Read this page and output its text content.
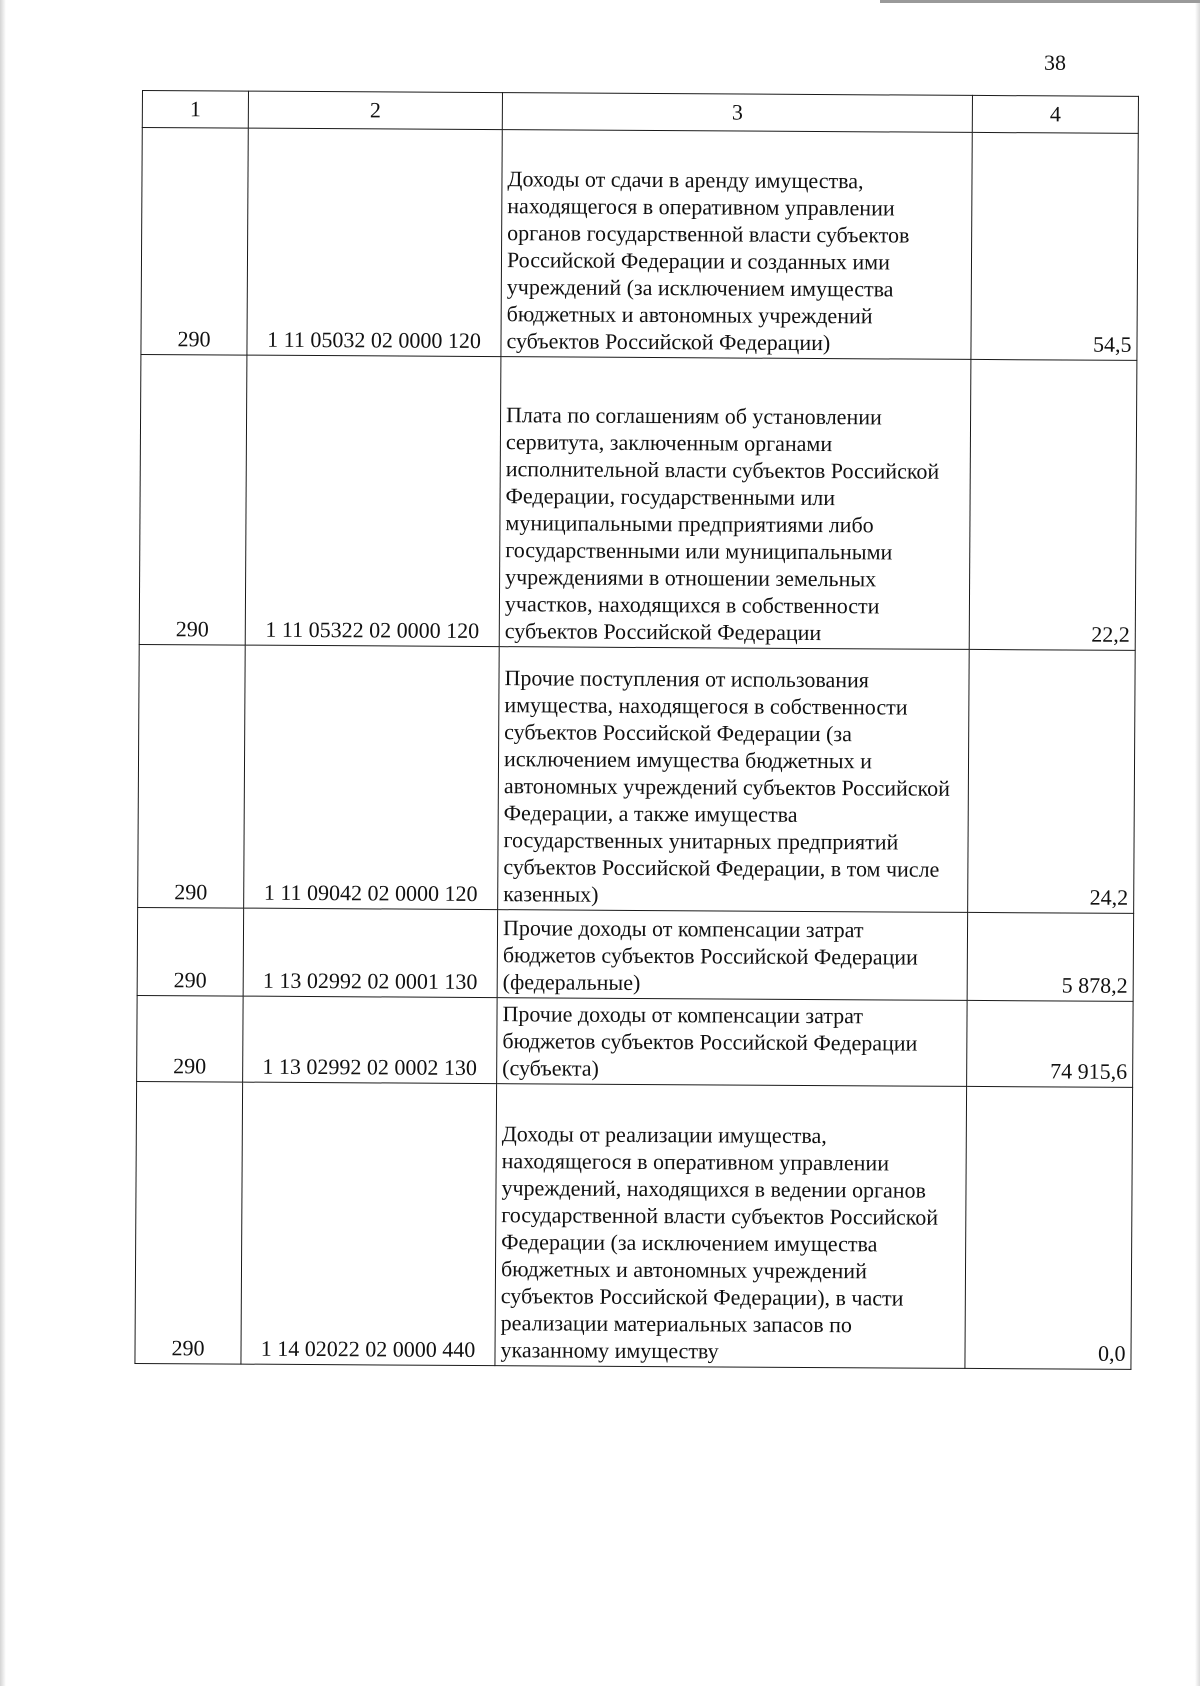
38
1	2	3	4
290	1 11 05032 02 0000 120	Доходы от сдачи в аренду имущества, находящегося в оперативном управлении органов государственной власти субъектов Российской Федерации и созданных ими учреждений (за исключением имущества бюджетных и автономных учреждений субъектов Российской Федерации)	54,5
290	1 11 05322 02 0000 120	Плата по соглашениям об установлении сервитута, заключенным органами исполнительной власти субъектов Российской Федерации, государственными или муниципальными предприятиями либо государственными или муниципальными учреждениями в отношении земельных участков, находящихся в собственности субъектов Российской Федерации	22,2
290	1 11 09042 02 0000 120	Прочие поступления от использования имущества, находящегося в собственности субъектов Российской Федерации (за исключением имущества бюджетных и автономных учреждений субъектов Российской Федерации, а также имущества государственных унитарных предприятий субъектов Российской Федерации, в том числе казенных)	24,2
290	1 13 02992 02 0001 130	Прочие доходы от компенсации затрат бюджетов субъектов Российской Федерации (федеральные)	5 878,2
290	1 13 02992 02 0002 130	Прочие доходы от компенсации затрат бюджетов субъектов Российской Федерации (субъекта)	74 915,6
290	1 14 02022 02 0000 440	Доходы от реализации имущества, находящегося в оперативном управлении учреждений, находящихся в ведении органов государственной власти субъектов Российской Федерации (за исключением имущества бюджетных и автономных учреждений субъектов Российской Федерации), в части реализации материальных запасов по указанному имуществу	0,0
